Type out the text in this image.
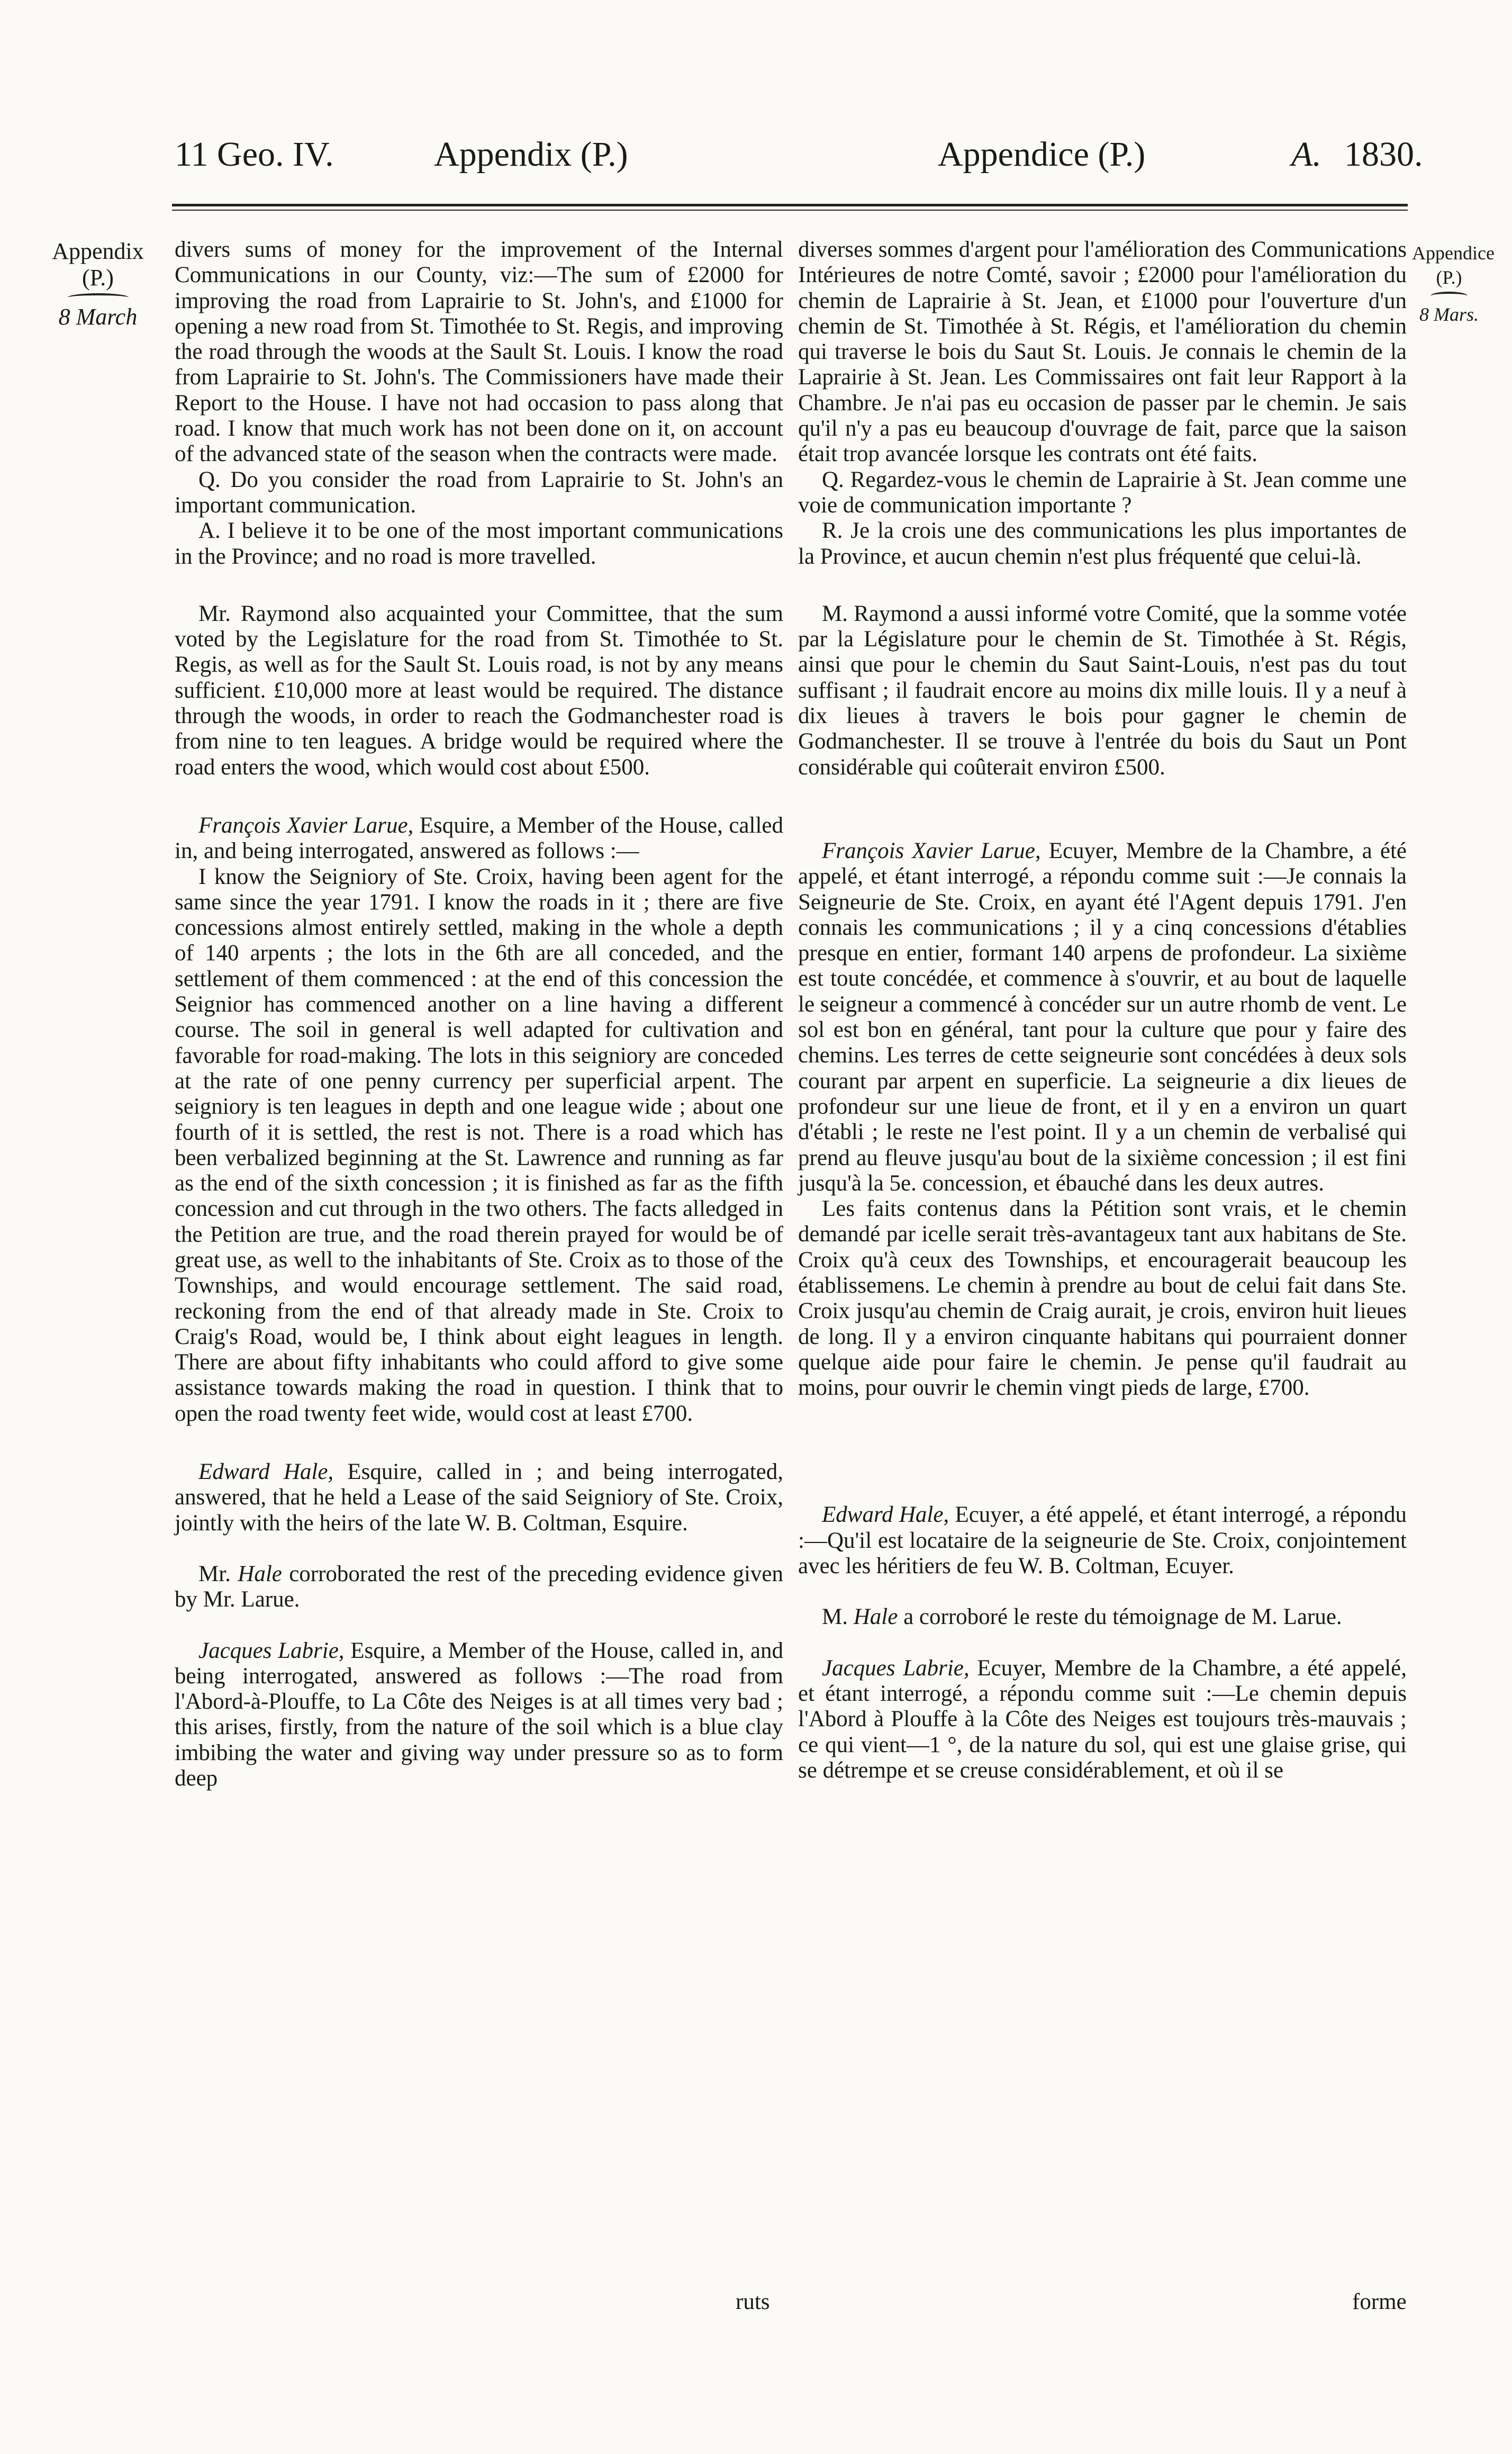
11 Geo. IV.	Appendix (P.)	Appendice (P.)	A. 1830.
Appendix
(P.)
8 March
Appendice
(P.)
8 Mars.

divers sums of money for the improvement of the Internal Communications in our County, viz:—The sum of £2000 for improving the road from Laprairie to St. John's, and £1000 for opening a new road from St. Timothée to St. Regis, and improving the road through the woods at the Sault St. Louis. I know the road from Laprairie to St. John's. The Commissioners have made their Report to the House. I have not had occasion to pass along that road. I know that much work has not been done on it, on account of the advanced state of the season when the contracts were made.

Q. Do you consider the road from Laprairie to St. John's an important communication.

A. I believe it to be one of the most important communications in the Province; and no road is more travelled.

Mr. Raymond also acquainted your Committee, that the sum voted by the Legislature for the road from St. Timothée to St. Regis, as well as for the Sault St. Louis road, is not by any means sufficient. £10,000 more at least would be required. The distance through the woods, in order to reach the Godmanchester road is from nine to ten leagues. A bridge would be required where the road enters the wood, which would cost about £500.

François Xavier Larue, Esquire, a Member of the House, called in, and being interrogated, answered as follows :—

I know the Seigniory of Ste. Croix, having been agent for the same since the year 1791. I know the roads in it ; there are five concessions almost entirely settled, making in the whole a depth of 140 arpents ; the lots in the 6th are all conceded, and the settlement of them commenced : at the end of this concession the Seignior has commenced another on a line having a different course. The soil in general is well adapted for cultivation and favorable for road-making. The lots in this seigniory are conceded at the rate of one penny currency per superficial arpent. The seigniory is ten leagues in depth and one league wide ; about one fourth of it is settled, the rest is not. There is a road which has been verbalized beginning at the St. Lawrence and running as far as the end of the sixth concession ; it is finished as far as the fifth concession and cut through in the two others. The facts alledged in the Petition are true, and the road therein prayed for would be of great use, as well to the inhabitants of Ste. Croix as to those of the Townships, and would encourage settlement. The said road, reckoning from the end of that already made in Ste. Croix to Craig's Road, would be, I think about eight leagues in length. There are about fifty inhabitants who could afford to give some assistance towards making the road in question. I think that to open the road twenty feet wide, would cost at least £700.

Edward Hale, Esquire, called in ; and being interrogated, answered, that he held a Lease of the said Seigniory of Ste. Croix, jointly with the heirs of the late W. B. Coltman, Esquire.

Mr. Hale corroborated the rest of the preceding evidence given by Mr. Larue.

Jacques Labrie, Esquire, a Member of the House, called in, and being interrogated, answered as follows :—The road from l'Abord-à-Plouffe, to La Côte des Neiges is at all times very bad ; this arises, firstly, from the nature of the soil which is a blue clay imbibing the water and giving way under pressure so as to form deep

diverses sommes d'argent pour l'amélioration des Communications Intérieures de notre Comté, savoir ; £2000 pour l'amélioration du chemin de Laprairie à St. Jean, et £1000 pour l'ouverture d'un chemin de St. Timothée à St. Régis, et l'amélioration du chemin qui traverse le bois du Saut St. Louis. Je connais le chemin de la Laprairie à St. Jean. Les Commissaires ont fait leur Rapport à la Chambre. Je n'ai pas eu occasion de passer par le chemin. Je sais qu'il n'y a pas eu beaucoup d'ouvrage de fait, parce que la saison était trop avancée lorsque les contrats ont été faits.

Q. Regardez-vous le chemin de Laprairie à St. Jean comme une voie de communication importante ?

R. Je la crois une des communications les plus importantes de la Province, et aucun chemin n'est plus fréquenté que celui-là.

M. Raymond a aussi informé votre Comité, que la somme votée par la Législature pour le chemin de St. Timothée à St. Régis, ainsi que pour le chemin du Saut Saint-Louis, n'est pas du tout suffisant ; il faudrait encore au moins dix mille louis. Il y a neuf à dix lieues à travers le bois pour gagner le chemin de Godmanchester. Il se trouve à l'entrée du bois du Saut un Pont considérable qui coûterait environ £500.

François Xavier Larue, Ecuyer, Membre de la Chambre, a été appelé, et étant interrogé, a répondu comme suit :—Je connais la Seigneurie de Ste. Croix, en ayant été l'Agent depuis 1791. J'en connais les communications ; il y a cinq concessions d'établies presque en entier, formant 140 arpens de profondeur. La sixième est toute concédée, et commence à s'ouvrir, et au bout de laquelle le seigneur a commencé à concéder sur un autre rhomb de vent. Le sol est bon en général, tant pour la culture que pour y faire des chemins. Les terres de cette seigneurie sont concédées à deux sols courant par arpent en superficie. La seigneurie a dix lieues de profondeur sur une lieue de front, et il y en a environ un quart d'établi ; le reste ne l'est point. Il y a un chemin de verbalisé qui prend au fleuve jusqu'au bout de la sixième concession ; il est fini jusqu'à la 5e. concession, et ébauché dans les deux autres.

Les faits contenus dans la Pétition sont vrais, et le chemin demandé par icelle serait très-avantageux tant aux habitans de Ste. Croix qu'à ceux des Townships, et encouragerait beaucoup les établissemens. Le chemin à prendre au bout de celui fait dans Ste. Croix jusqu'au chemin de Craig aurait, je crois, environ huit lieues de long. Il y a environ cinquante habitans qui pourraient donner quelque aide pour faire le chemin. Je pense qu'il faudrait au moins, pour ouvrir le chemin vingt pieds de large, £700.

Edward Hale, Ecuyer, a été appelé, et étant interrogé, a répondu :—Qu'il est locataire de la seigneurie de Ste. Croix, conjointement avec les héritiers de feu W. B. Coltman, Ecuyer.

M. Hale a corroboré le reste du témoignage de M. Larue.

Jacques Labrie, Ecuyer, Membre de la Chambre, a été appelé, et étant interrogé, a répondu comme suit :—Le chemin depuis l'Abord à Plouffe à la Côte des Neiges est toujours très-mauvais ; ce qui vient—1 °, de la nature du sol, qui est une glaise grise, qui se détrempe et se creuse considérablement, et où il se

ruts	forme
